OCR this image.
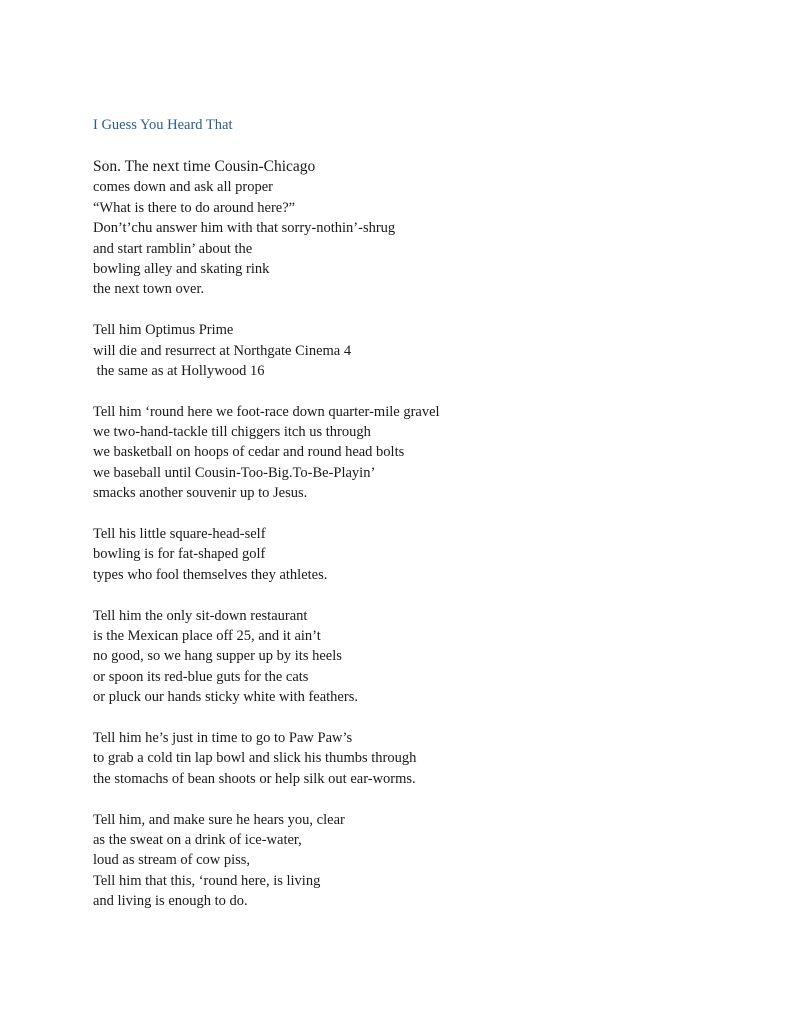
I Guess You Heard That
Son. The next time Cousin-Chicago
comes down and ask all proper
“What is there to do around here?”
Don’t’chu answer him with that sorry-nothin’-shrug
and start ramblin’ about the
bowling alley and skating rink
the next town over.
Tell him Optimus Prime
will die and resurrect at Northgate Cinema 4
the same as at Hollywood 16
Tell him ‘round here we foot-race down quarter-mile gravel
we two-hand-tackle till chiggers itch us through
we basketball on hoops of cedar and round head bolts
we baseball until Cousin-Too-Big.To-Be-Playin’
smacks another souvenir up to Jesus.
Tell his little square-head-self
bowling is for fat-shaped golf
types who fool themselves they athletes.
Tell him the only sit-down restaurant
is the Mexican place off 25, and it ain’t
no good, so we hang supper up by its heels
or spoon its red-blue guts for the cats
or pluck our hands sticky white with feathers.
Tell him he’s just in time to go to Paw Paw’s
to grab a cold tin lap bowl and slick his thumbs through
the stomachs of bean shoots or help silk out ear-worms.
Tell him, and make sure he hears you, clear
as the sweat on a drink of ice-water,
loud as stream of cow piss,
Tell him that this, ‘round here, is living
and living is enough to do.
